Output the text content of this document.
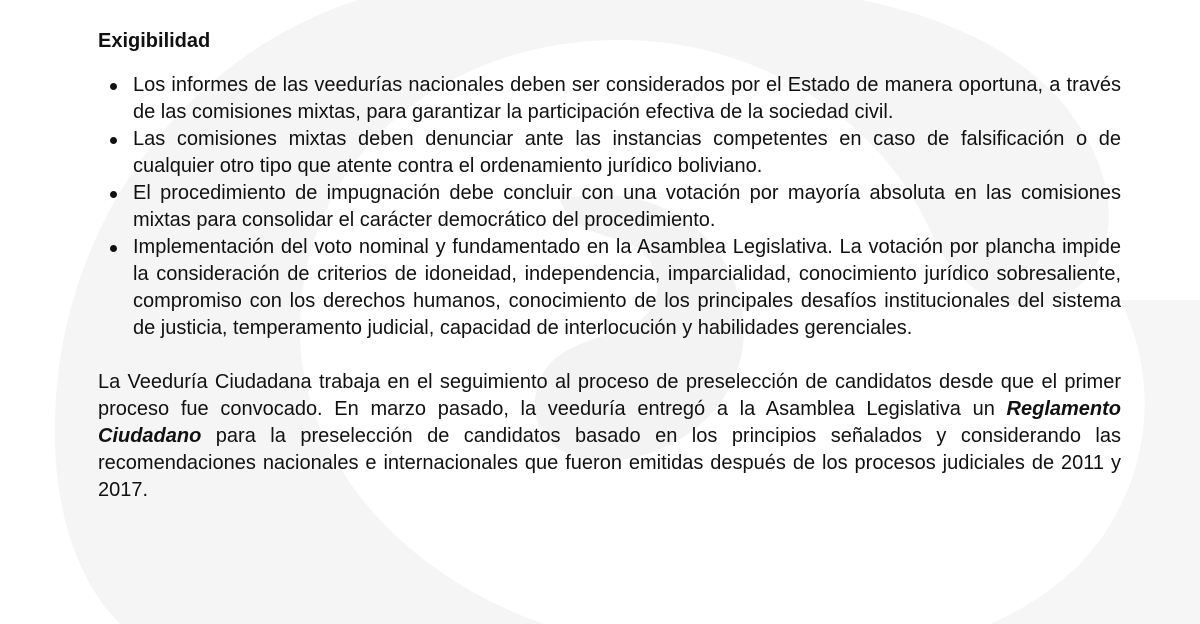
Exigibilidad
Los informes de las veedurías nacionales deben ser considerados por el Estado de manera oportuna, a través de las comisiones mixtas, para garantizar la participación efectiva de la sociedad civil.
Las comisiones mixtas deben denunciar ante las instancias competentes en caso de falsificación o de cualquier otro tipo que atente contra el ordenamiento jurídico boliviano.
El procedimiento de impugnación debe concluir con una votación por mayoría absoluta en las comisiones mixtas para consolidar el carácter democrático del procedimiento.
Implementación del voto nominal y fundamentado en la Asamblea Legislativa. La votación por plancha impide la consideración de criterios de idoneidad, independencia, imparcialidad, conocimiento jurídico sobresaliente, compromiso con los derechos humanos, conocimiento de los principales desafíos institucionales del sistema de justicia, temperamento judicial, capacidad de interlocución y habilidades gerenciales.

La Veeduría Ciudadana trabaja en el seguimiento al proceso de preselección de candidatos desde que el primer proceso fue convocado. En marzo pasado, la veeduría entregó a la Asamblea Legislativa un Reglamento Ciudadano para la preselección de candidatos basado en los principios señalados y considerando las recomendaciones nacionales e internacionales que fueron emitidas después de los procesos judiciales de 2011 y 2017.
